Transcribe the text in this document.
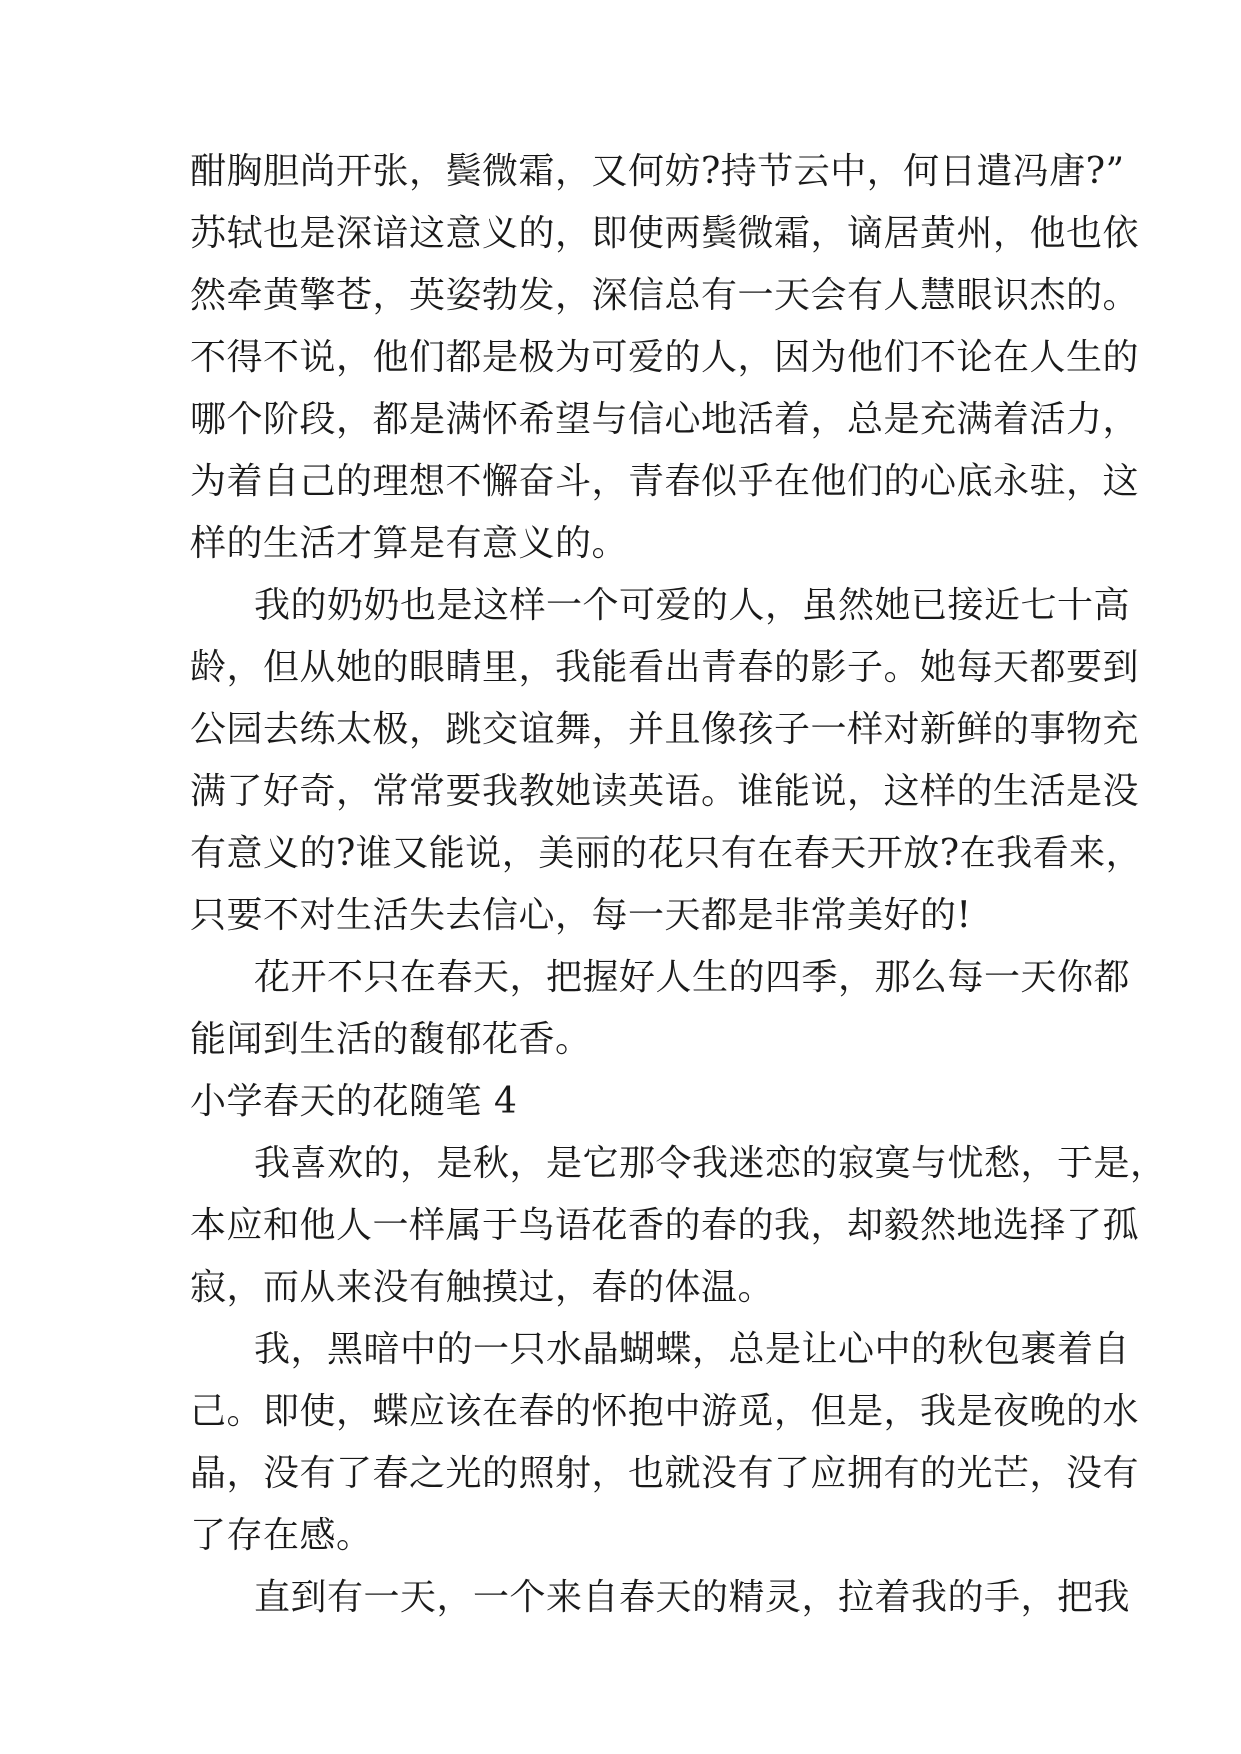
酣胸胆尚开张，鬓微霜，又何妨?持节云中，何日遣冯唐?”
苏轼也是深谙这意义的，即使两鬓微霜，谪居黄州，他也依
然牵黄擎苍，英姿勃发，深信总有一天会有人慧眼识杰的。
不得不说，他们都是极为可爱的人，因为他们不论在人生的
哪个阶段，都是满怀希望与信心地活着，总是充满着活力，
为着自己的理想不懈奋斗，青春似乎在他们的心底永驻，这
样的生活才算是有意义的。
我的奶奶也是这样一个可爱的人，虽然她已接近七十高
龄，但从她的眼睛里，我能看出青春的影子。她每天都要到
公园去练太极，跳交谊舞，并且像孩子一样对新鲜的事物充
满了好奇，常常要我教她读英语。谁能说，这样的生活是没
有意义的?谁又能说，美丽的花只有在春天开放?在我看来，
只要不对生活失去信心，每一天都是非常美好的!
花开不只在春天，把握好人生的四季，那么每一天你都
能闻到生活的馥郁花香。
小学春天的花随笔 4
我喜欢的，是秋，是它那令我迷恋的寂寞与忧愁，于是，
本应和他人一样属于鸟语花香的春的我，却毅然地选择了孤
寂，而从来没有触摸过，春的体温。
我，黑暗中的一只水晶蝴蝶，总是让心中的秋包裹着自
己。即使，蝶应该在春的怀抱中游觅，但是，我是夜晚的水
晶，没有了春之光的照射，也就没有了应拥有的光芒，没有
了存在感。
直到有一天，一个来自春天的精灵，拉着我的手，把我
